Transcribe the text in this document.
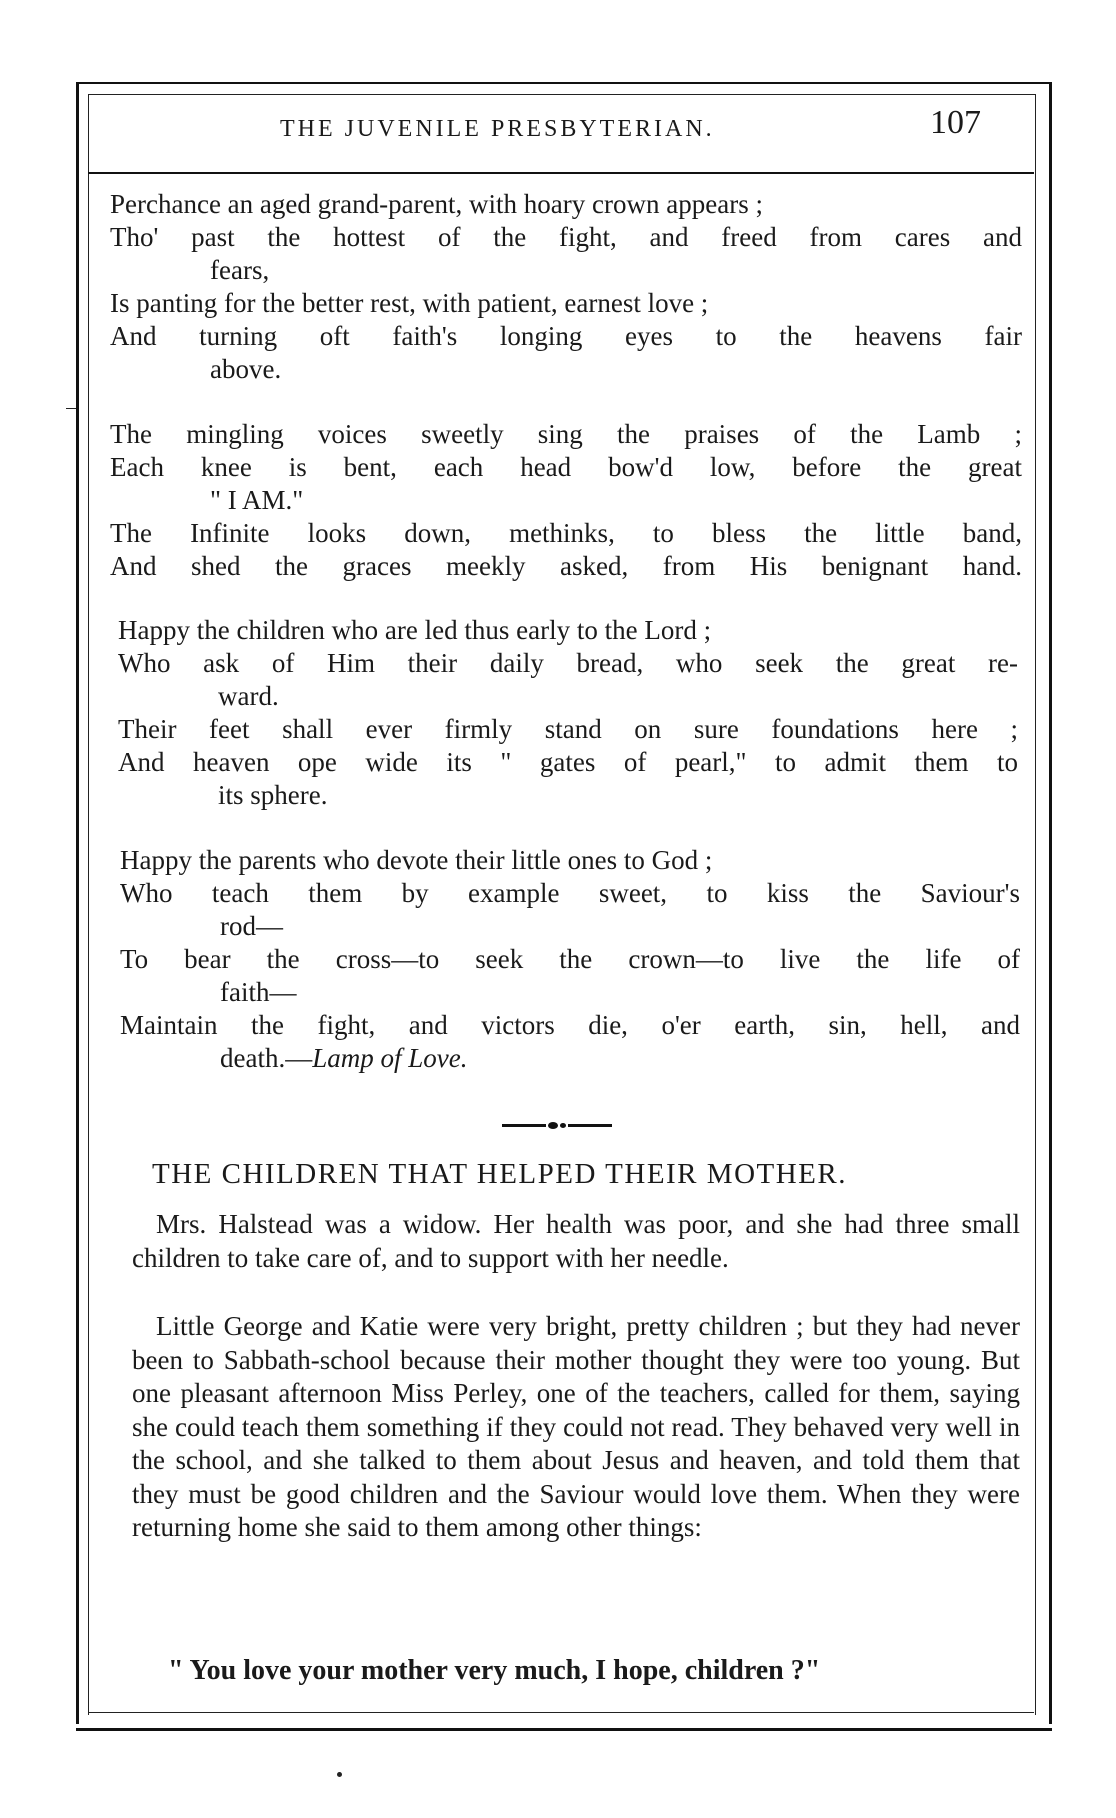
THE JUVENILE PRESBYTERIAN.	107
Perchance an aged grand-parent, with hoary crown appears ;
Tho' past the hottest of the fight, and freed from cares and
fears,
Is panting for the better rest, with patient, earnest love ;
And turning oft faith's longing eyes to the heavens fair
above.
The mingling voices sweetly sing the praises of the Lamb ;
Each knee is bent, each head bow'd low, before the great
" I AM."
The Infinite looks down, methinks, to bless the little band,
And shed the graces meekly asked, from His benignant hand.
Happy the children who are led thus early to the Lord ;
Who ask of Him their daily bread, who seek the great re-
ward.
Their feet shall ever firmly stand on sure foundations here ;
And heaven ope wide its " gates of pearl," to admit them to
its sphere.
Happy the parents who devote their little ones to God ;
Who teach them by example sweet, to kiss the Saviour's
rod—
To bear the cross—to seek the crown—to live the life of
faith—
Maintain the fight, and victors die, o'er earth, sin, hell, and
death.—Lamp of Love.
THE CHILDREN THAT HELPED THEIR MOTHER.

Mrs. Halstead was a widow. Her health was poor, and she had three small children to take care of, and to support with her needle.

Little George and Katie were very bright, pretty children ; but they had never been to Sabbath-school because their mother thought they were too young. But one pleasant afternoon Miss Perley, one of the teachers, called for them, saying she could teach them something if they could not read. They behaved very well in the school, and she talked to them about Jesus and heaven, and told them that they must be good children and the Saviour would love them. When they were returning home she said to them among other things:

" You love your mother very much, I hope, children ?"
